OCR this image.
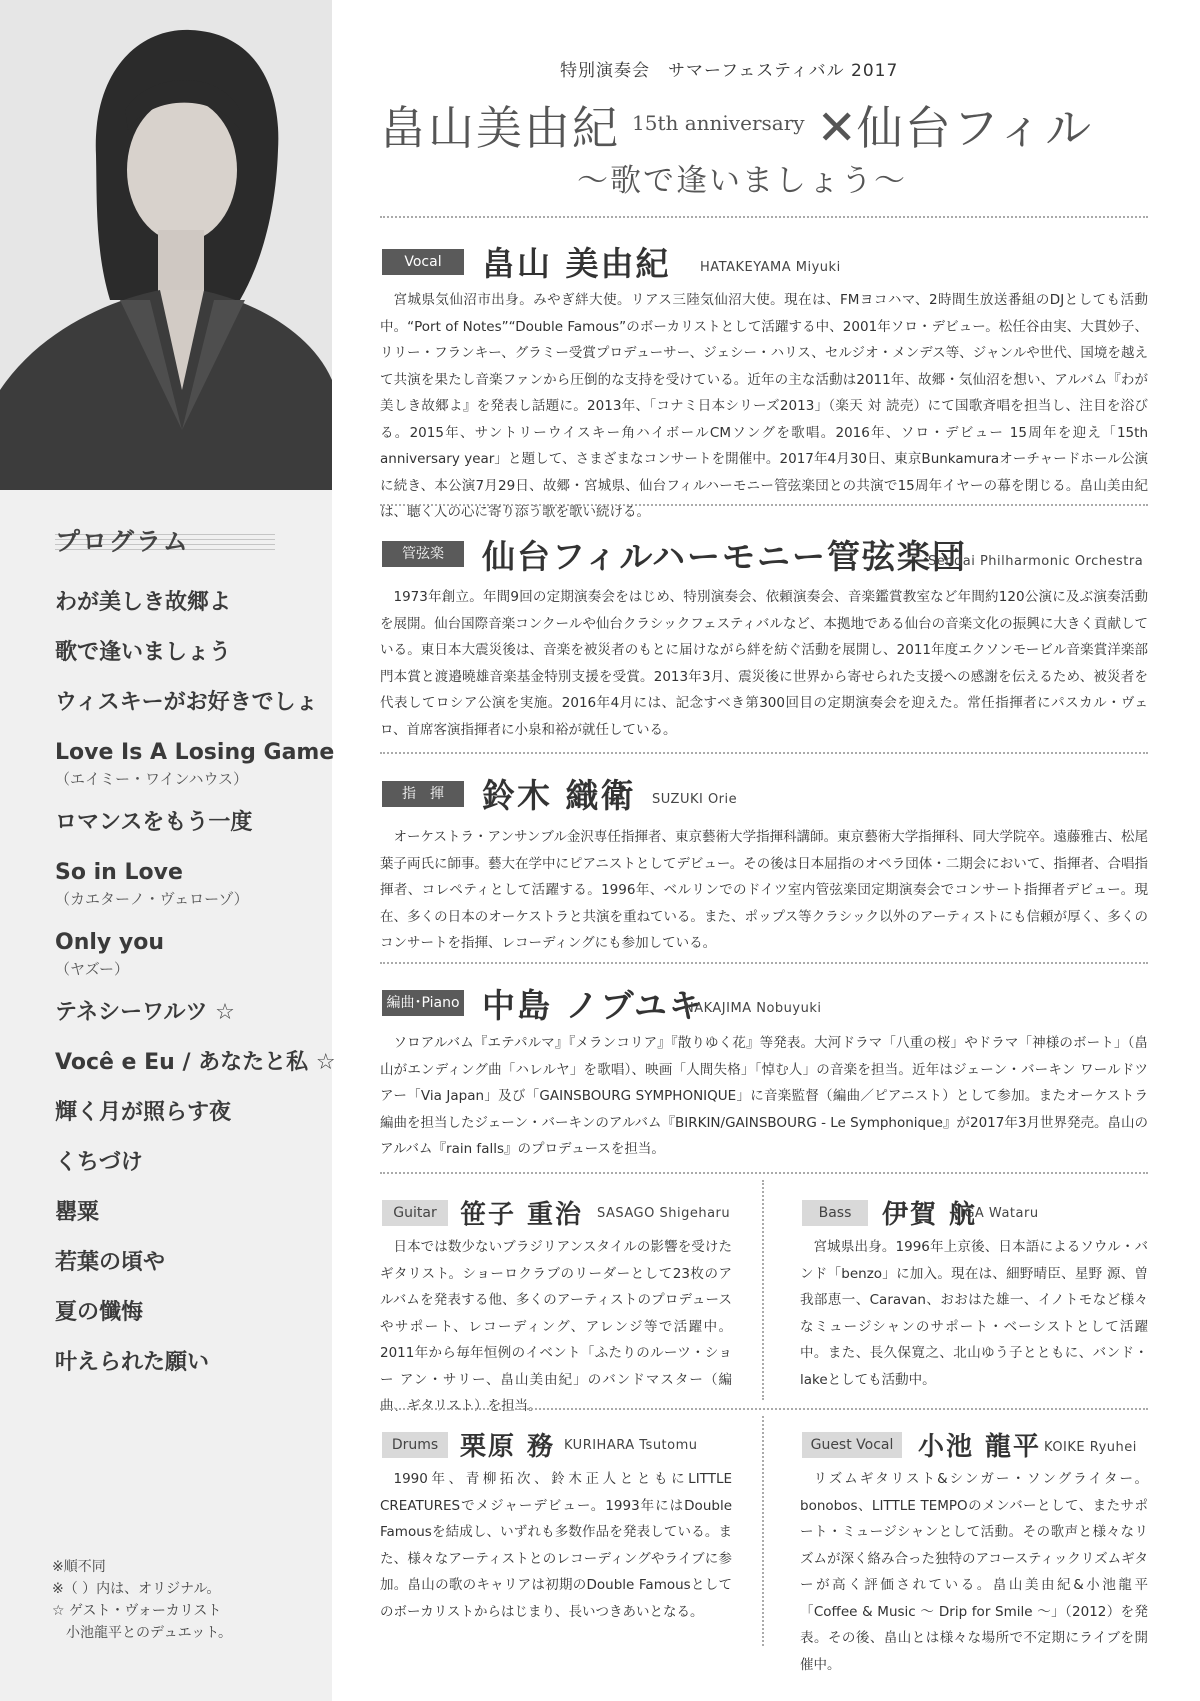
プログラム
わが美しき故郷よ
歌で逢いましょう
ウィスキーがお好きでしょ
Love Is A Losing Game
（エイミー・ワインハウス）
ロマンスをもう一度
So in Love
（カエターノ・ヴェローゾ）
Only you
（ヤズー）
テネシーワルツ ☆
Você e Eu / あなたと私 ☆
輝く月が照らす夜
くちづけ
罌粟
若葉の頃や
夏の懺悔
叶えられた願い
※順不同
※（ ）内は、オリジナル。
☆ ゲスト・ヴォーカリスト
　小池龍平とのデュエット。
特別演奏会　サマーフェスティバル 2017
畠山美由紀 15th anniversary ✕仙台フィル
～歌で逢いましょう～
Vocal	畠山 美由紀 HATAKEYAMA Miyuki
宮城県気仙沼市出身。みやぎ絆大使。リアス三陸気仙沼大使。現在は、FMヨコハマ、2時間生放送番組のDJとしても活動中。“Port of Notes”“Double Famous”のボーカリストとして活躍する中、2001年ソロ・デビュー。松任谷由実、大貫妙子、リリー・フランキー、グラミー受賞プロデューサー、ジェシー・ハリス、セルジオ・メンデス等、ジャンルや世代、国境を越えて共演を果たし音楽ファンから圧倒的な支持を受けている。近年の主な活動は2011年、故郷・気仙沼を想い、アルバム『わが美しき故郷よ』を発表し話題に。2013年、「コナミ日本シリーズ2013」（楽天 対 読売）にて国歌斉唱を担当し、注目を浴びる。2015年、サントリーウイスキー角ハイボールCMソングを歌唱。2016年、ソロ・デビュー 15周年を迎え「15th anniversary year」と題して、さまざまなコンサートを開催中。2017年4月30日、東京Bunkamuraオーチャードホール公演に続き、本公演7月29日、故郷・宮城県、仙台フィルハーモニー管弦楽団との共演で15周年イヤーの幕を閉じる。畠山美由紀は、聴く人の心に寄り添う歌を歌い続ける。
管弦楽	仙台フィルハーモニー管弦楽団
Sendai Philharmonic Orchestra
1973年創立。年間9回の定期演奏会をはじめ、特別演奏会、依頼演奏会、音楽鑑賞教室など年間約120公演に及ぶ演奏活動を展開。仙台国際音楽コンクールや仙台クラシックフェスティバルなど、本拠地である仙台の音楽文化の振興に大きく貢献している。東日本大震災後は、音楽を被災者のもとに届けながら絆を紡ぐ活動を展開し、2011年度エクソンモービル音楽賞洋楽部門本賞と渡邉曉雄音楽基金特別支援を受賞。2013年3月、震災後に世界から寄せられた支援への感謝を伝えるため、被災者を代表してロシア公演を実施。2016年4月には、記念すべき第300回目の定期演奏会を迎えた。常任指揮者にパスカル・ヴェロ、首席客演指揮者に小泉和裕が就任している。
指　揮	鈴木 織衛 SUZUKI Orie
オーケストラ・アンサンブル金沢専任指揮者、東京藝術大学指揮科講師。東京藝術大学指揮科、同大学院卒。遠藤雅古、松尾葉子両氏に師事。藝大在学中にピアニストとしてデビュー。その後は日本屈指のオペラ団体・二期会において、指揮者、合唱指揮者、コレペティとして活躍する。1996年、ベルリンでのドイツ室内管弦楽団定期演奏会でコンサート指揮者デビュー。現在、多くの日本のオーケストラと共演を重ねている。また、ポップス等クラシック以外のアーティストにも信頼が厚く、多くのコンサートを指揮、レコーディングにも参加している。
編曲･Piano 中島 ノブユキ
NAKAJIMA Nobuyuki
ソロアルバム『エテパルマ』『メランコリア』『散りゆく花』等発表。大河ドラマ「八重の桜」やドラマ「神様のボート」（畠山がエンディング曲「ハレルヤ」を歌唱）、映画「人間失格」「悼む人」の音楽を担当。近年はジェーン・バーキン ワールドツアー「Via Japan」及び「GAINSBOURG SYMPHONIQUE」に音楽監督（編曲／ピアニスト）として参加。またオーケストラ編曲を担当したジェーン・バーキンのアルバム『BIRKIN/GAINSBOURG - Le Symphonique』が2017年3月世界発売。畠山のアルバム『rain falls』のプロデュースを担当。
Guitar 笹子 重治 SASAGO Shigeharu
日本では数少ないブラジリアンスタイルの影響を受けたギタリスト。ショーロクラブのリーダーとして23枚のアルバムを発表する他、多くのアーティストのプロデュースやサポート、レコーディング、アレンジ等で活躍中。2011年から毎年恒例のイベント「ふたりのルーツ・ショー アン・サリー、畠山美由紀」のバンドマスター（編曲、ギタリスト）を担当。
Bass	伊賀 航
IGA Wataru
宮城県出身。1996年上京後、日本語によるソウル・バンド「benzo」に加入。現在は、細野晴臣、星野 源、曽我部恵一、Caravan、おおはた雄一、イノトモなど様々なミュージシャンのサポート・ベーシストとして活躍中。また、長久保寛之、北山ゆう子とともに、バンド・lakeとしても活動中。
Drums 栗原 務 KURIHARA Tsutomu
1990年、青柳拓次、鈴木正人とともにLITTLE CREATURESでメジャーデビュー。1993年にはDouble Famousを結成し、いずれも多数作品を発表している。また、様々なアーティストとのレコーディングやライブに参加。畠山の歌のキャリアは初期のDouble Famousとしてのボーカリストからはじまり、長いつきあいとなる。
Guest Vocal 小池 龍平 KOIKE Ryuhei
リズムギタリスト&シンガー・ソングライター。bonobos、LITTLE TEMPOのメンバーとして、またサポート・ミュージシャンとして活動。その歌声と様々なリズムが深く絡み合った独特のアコースティックリズムギターが高く評価されている。畠山美由紀&小池龍平「Coffee & Music ～ Drip for Smile ～」（2012）を発表。その後、畠山とは様々な場所で不定期にライブを開催中。
